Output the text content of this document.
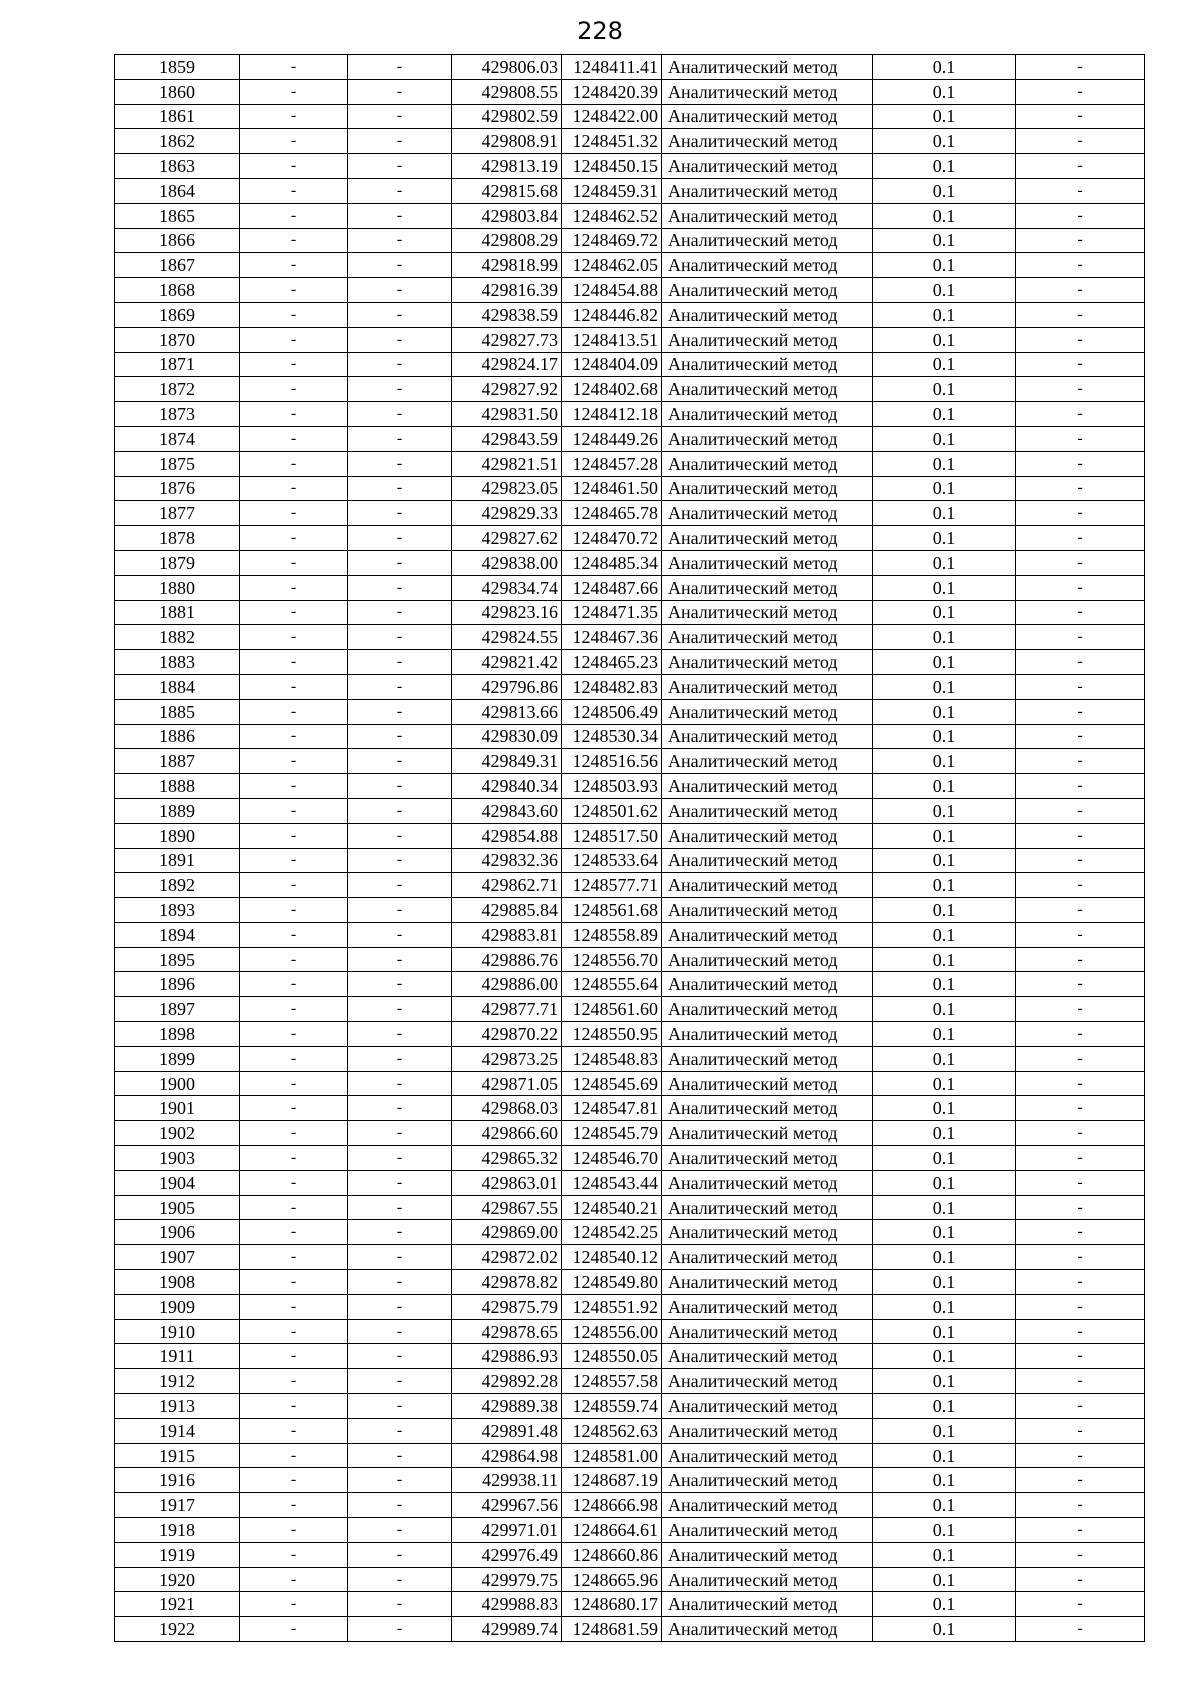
228
1859	-	-	429806.03	1248411.41	Аналитический метод	0.1	-
1860	-	-	429808.55	1248420.39	Аналитический метод	0.1	-
1861	-	-	429802.59	1248422.00	Аналитический метод	0.1	-
1862	-	-	429808.91	1248451.32	Аналитический метод	0.1	-
1863	-	-	429813.19	1248450.15	Аналитический метод	0.1	-
1864	-	-	429815.68	1248459.31	Аналитический метод	0.1	-
1865	-	-	429803.84	1248462.52	Аналитический метод	0.1	-
1866	-	-	429808.29	1248469.72	Аналитический метод	0.1	-
1867	-	-	429818.99	1248462.05	Аналитический метод	0.1	-
1868	-	-	429816.39	1248454.88	Аналитический метод	0.1	-
1869	-	-	429838.59	1248446.82	Аналитический метод	0.1	-
1870	-	-	429827.73	1248413.51	Аналитический метод	0.1	-
1871	-	-	429824.17	1248404.09	Аналитический метод	0.1	-
1872	-	-	429827.92	1248402.68	Аналитический метод	0.1	-
1873	-	-	429831.50	1248412.18	Аналитический метод	0.1	-
1874	-	-	429843.59	1248449.26	Аналитический метод	0.1	-
1875	-	-	429821.51	1248457.28	Аналитический метод	0.1	-
1876	-	-	429823.05	1248461.50	Аналитический метод	0.1	-
1877	-	-	429829.33	1248465.78	Аналитический метод	0.1	-
1878	-	-	429827.62	1248470.72	Аналитический метод	0.1	-
1879	-	-	429838.00	1248485.34	Аналитический метод	0.1	-
1880	-	-	429834.74	1248487.66	Аналитический метод	0.1	-
1881	-	-	429823.16	1248471.35	Аналитический метод	0.1	-
1882	-	-	429824.55	1248467.36	Аналитический метод	0.1	-
1883	-	-	429821.42	1248465.23	Аналитический метод	0.1	-
1884	-	-	429796.86	1248482.83	Аналитический метод	0.1	-
1885	-	-	429813.66	1248506.49	Аналитический метод	0.1	-
1886	-	-	429830.09	1248530.34	Аналитический метод	0.1	-
1887	-	-	429849.31	1248516.56	Аналитический метод	0.1	-
1888	-	-	429840.34	1248503.93	Аналитический метод	0.1	-
1889	-	-	429843.60	1248501.62	Аналитический метод	0.1	-
1890	-	-	429854.88	1248517.50	Аналитический метод	0.1	-
1891	-	-	429832.36	1248533.64	Аналитический метод	0.1	-
1892	-	-	429862.71	1248577.71	Аналитический метод	0.1	-
1893	-	-	429885.84	1248561.68	Аналитический метод	0.1	-
1894	-	-	429883.81	1248558.89	Аналитический метод	0.1	-
1895	-	-	429886.76	1248556.70	Аналитический метод	0.1	-
1896	-	-	429886.00	1248555.64	Аналитический метод	0.1	-
1897	-	-	429877.71	1248561.60	Аналитический метод	0.1	-
1898	-	-	429870.22	1248550.95	Аналитический метод	0.1	-
1899	-	-	429873.25	1248548.83	Аналитический метод	0.1	-
1900	-	-	429871.05	1248545.69	Аналитический метод	0.1	-
1901	-	-	429868.03	1248547.81	Аналитический метод	0.1	-
1902	-	-	429866.60	1248545.79	Аналитический метод	0.1	-
1903	-	-	429865.32	1248546.70	Аналитический метод	0.1	-
1904	-	-	429863.01	1248543.44	Аналитический метод	0.1	-
1905	-	-	429867.55	1248540.21	Аналитический метод	0.1	-
1906	-	-	429869.00	1248542.25	Аналитический метод	0.1	-
1907	-	-	429872.02	1248540.12	Аналитический метод	0.1	-
1908	-	-	429878.82	1248549.80	Аналитический метод	0.1	-
1909	-	-	429875.79	1248551.92	Аналитический метод	0.1	-
1910	-	-	429878.65	1248556.00	Аналитический метод	0.1	-
1911	-	-	429886.93	1248550.05	Аналитический метод	0.1	-
1912	-	-	429892.28	1248557.58	Аналитический метод	0.1	-
1913	-	-	429889.38	1248559.74	Аналитический метод	0.1	-
1914	-	-	429891.48	1248562.63	Аналитический метод	0.1	-
1915	-	-	429864.98	1248581.00	Аналитический метод	0.1	-
1916	-	-	429938.11	1248687.19	Аналитический метод	0.1	-
1917	-	-	429967.56	1248666.98	Аналитический метод	0.1	-
1918	-	-	429971.01	1248664.61	Аналитический метод	0.1	-
1919	-	-	429976.49	1248660.86	Аналитический метод	0.1	-
1920	-	-	429979.75	1248665.96	Аналитический метод	0.1	-
1921	-	-	429988.83	1248680.17	Аналитический метод	0.1	-
1922	-	-	429989.74	1248681.59	Аналитический метод	0.1	-
